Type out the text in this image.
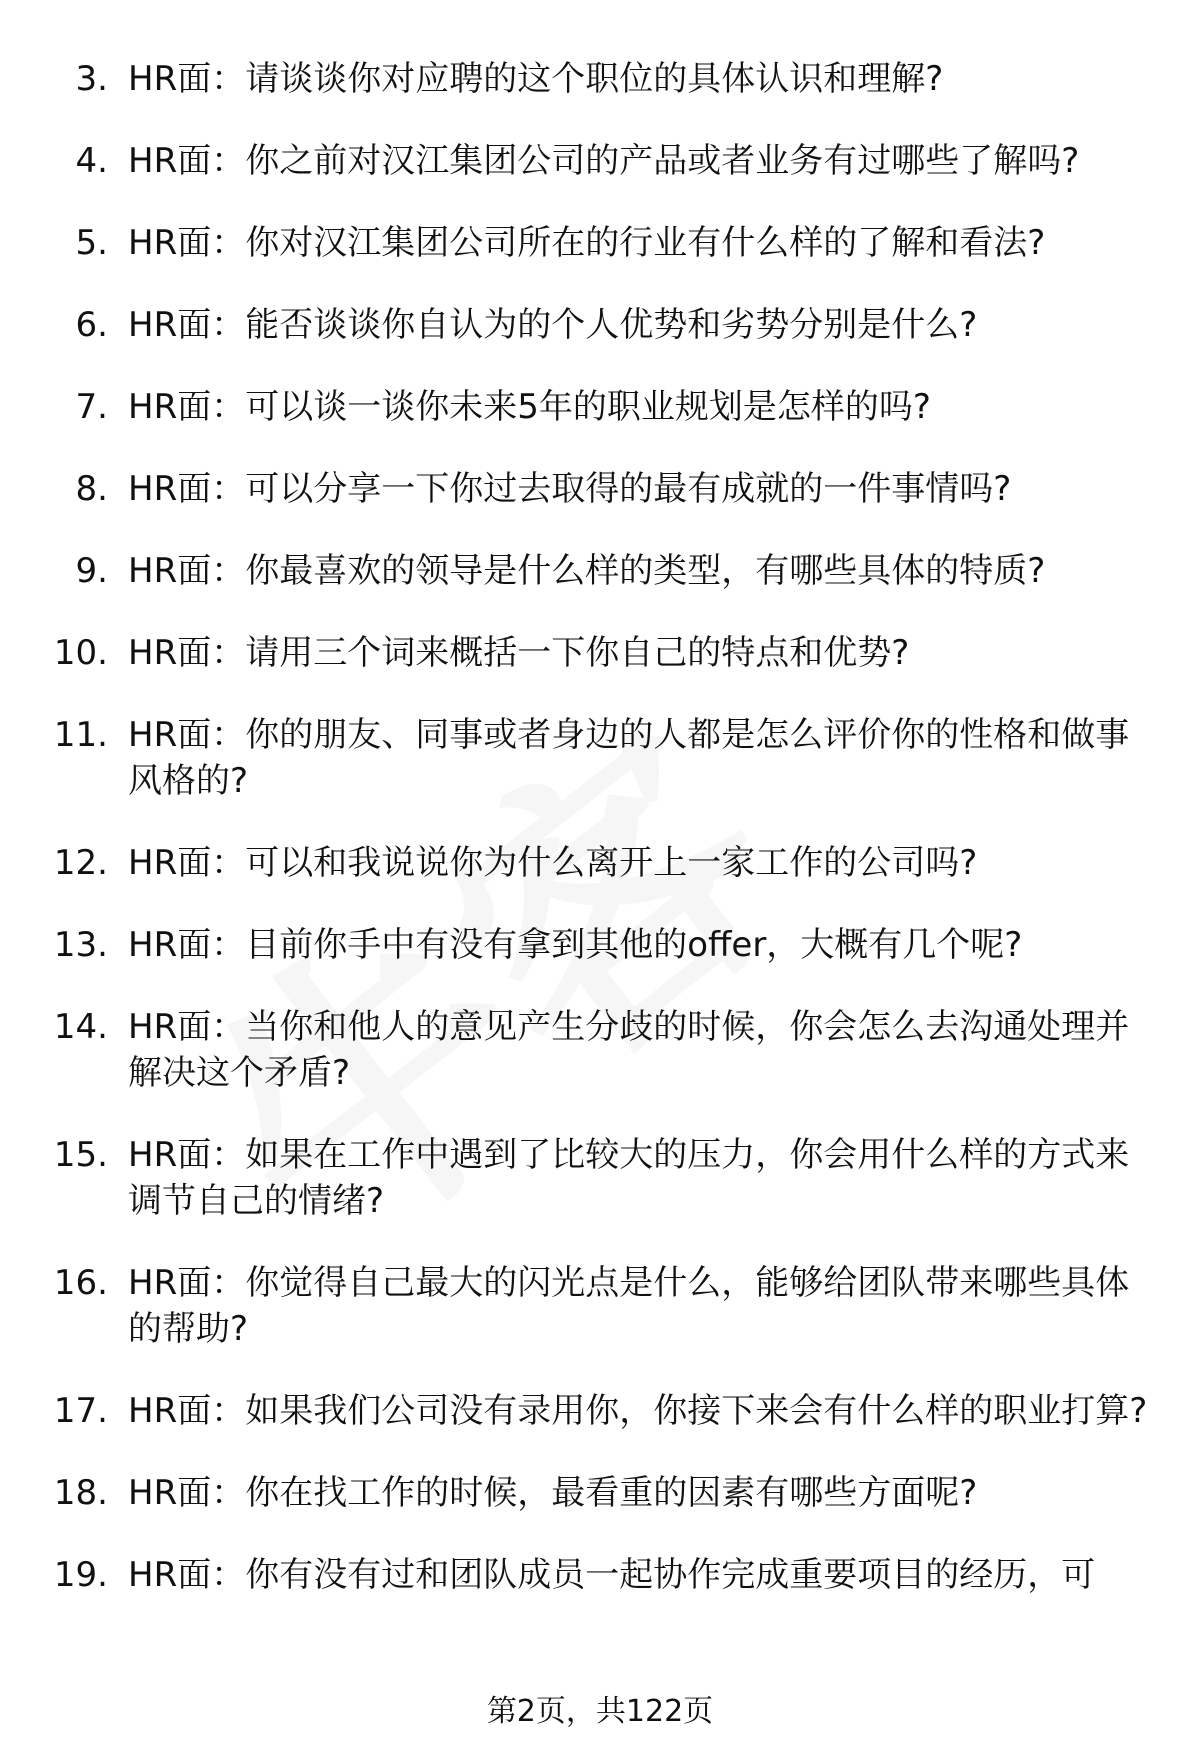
3. HR面：请谈谈你对应聘的这个职位的具体认识和理解?
4. HR面：你之前对汉江集团公司的产品或者业务有过哪些了解吗?
5. HR面：你对汉江集团公司所在的行业有什么样的了解和看法?
6. HR面：能否谈谈你自认为的个人优势和劣势分别是什么?
7. HR面：可以谈一谈你未来5年的职业规划是怎样的吗?
8. HR面：可以分享一下你过去取得的最有成就的一件事情吗?
9. HR面：你最喜欢的领导是什么样的类型，有哪些具体的特质?
10. HR面：请用三个词来概括一下你自己的特点和优势?
11. HR面：你的朋友、同事或者身边的人都是怎么评价你的性格和做事风格的?
12. HR面：可以和我说说你为什么离开上一家工作的公司吗?
13. HR面：目前你手中有没有拿到其他的offer，大概有几个呢?
14. HR面：当你和他人的意见产生分歧的时候，你会怎么去沟通处理并解决这个矛盾?
15. HR面：如果在工作中遇到了比较大的压力，你会用什么样的方式来调节自己的情绪?
16. HR面：你觉得自己最大的闪光点是什么，能够给团队带来哪些具体的帮助?
17. HR面：如果我们公司没有录用你，你接下来会有什么样的职业打算?
18. HR面：你在找工作的时候，最看重的因素有哪些方面呢?
19. HR面：你有没有过和团队成员一起协作完成重要项目的经历，可
第2页，共122页
